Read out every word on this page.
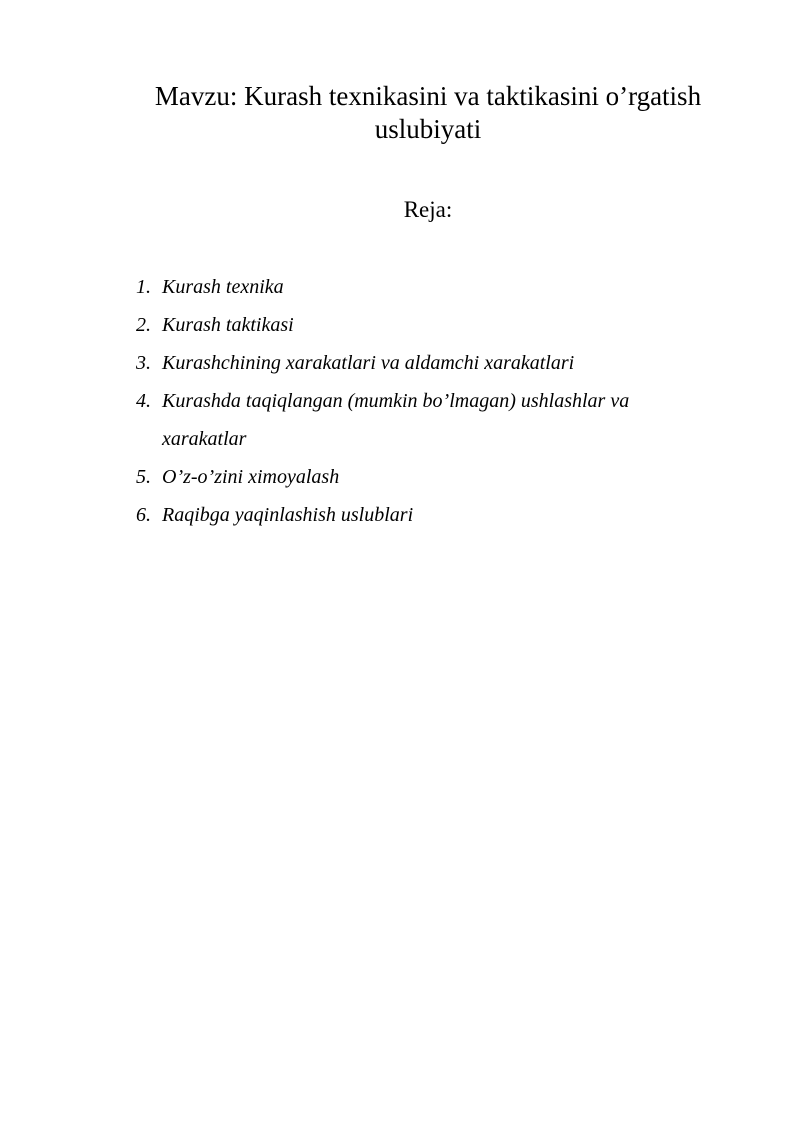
Mavzu: Kurash texnikasini va taktikasini o’rgatish uslubiyati
Reja:
1. Kurash texnika
2. Kurash taktikasi
3. Kurashchining xarakatlari va aldamchi xarakatlari
4. Kurashda taqiqlangan (mumkin bo’lmagan) ushlashlar va xarakatlar
5. O’z-o’zini ximoyalash
6. Raqibga yaqinlashish uslublari
